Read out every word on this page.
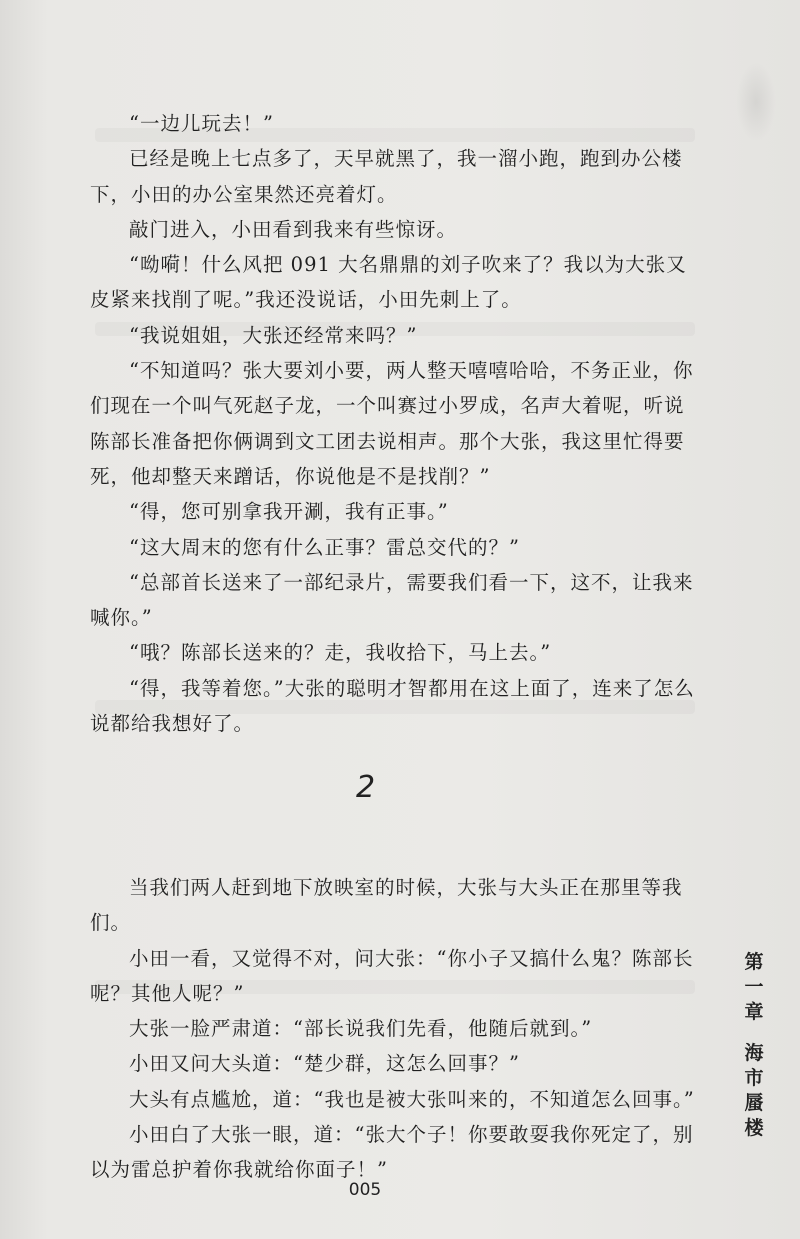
“一边儿玩去！”

已经是晚上七点多了，天早就黑了，我一溜小跑，跑到办公楼下，小田的办公室果然还亮着灯。

敲门进入，小田看到我来有些惊讶。

“呦嗬！什么风把 091 大名鼎鼎的刘子吹来了？我以为大张又皮紧来找削了呢。”我还没说话，小田先刺上了。

“我说姐姐，大张还经常来吗？”

“不知道吗？张大要刘小要，两人整天嘻嘻哈哈，不务正业，你们现在一个叫气死赵子龙，一个叫赛过小罗成，名声大着呢，听说陈部长准备把你俩调到文工团去说相声。那个大张，我这里忙得要死，他却整天来蹭话，你说他是不是找削？”

“得，您可别拿我开涮，我有正事。”

“这大周末的您有什么正事？雷总交代的？”

“总部首长送来了一部纪录片，需要我们看一下，这不，让我来喊你。”

“哦？陈部长送来的？走，我收拾下，马上去。”

“得，我等着您。”大张的聪明才智都用在这上面了，连来了怎么说都给我想好了。

2

当我们两人赶到地下放映室的时候，大张与大头正在那里等我们。

小田一看，又觉得不对，问大张：“你小子又搞什么鬼？陈部长呢？其他人呢？”

大张一脸严肃道：“部长说我们先看，他随后就到。”

小田又问大头道：“楚少群，这怎么回事？”

大头有点尴尬，道：“我也是被大张叫来的，不知道怎么回事。”

小田白了大张一眼，道：“张大个子！你要敢耍我你死定了，别以为雷总护着你我就给你面子！”

第一章
海市蜃楼
005
